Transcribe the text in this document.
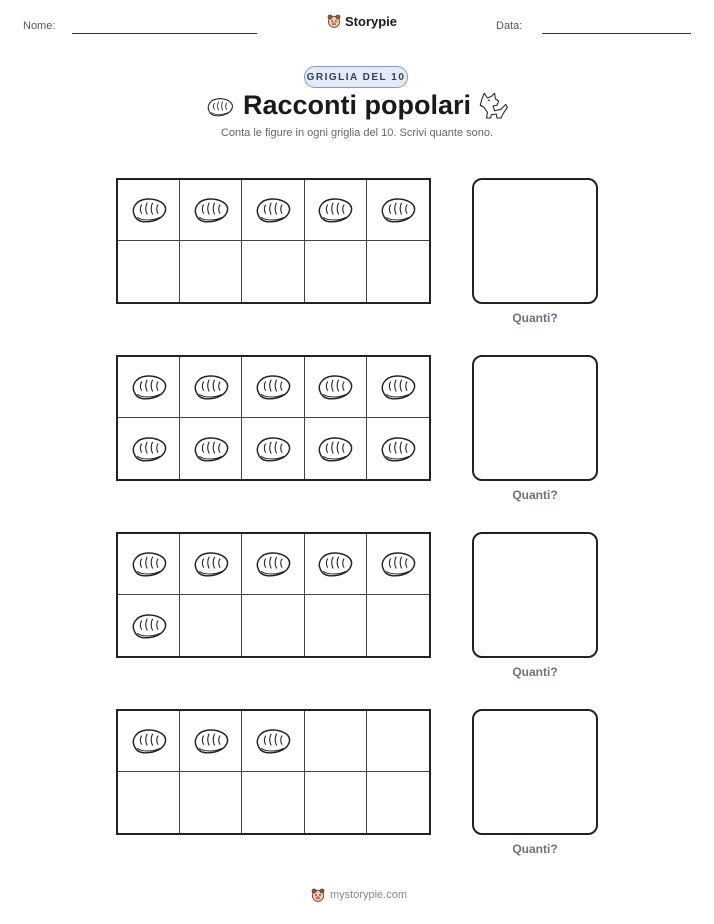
Nome:	Storypie	Data:
GRIGLIA DEL 10
Racconti popolari
Conta le figure in ogni griglia del 10. Scrivi quante sono.
Quanti?
Quanti?
Quanti?
Quanti?
mystorypie.com
